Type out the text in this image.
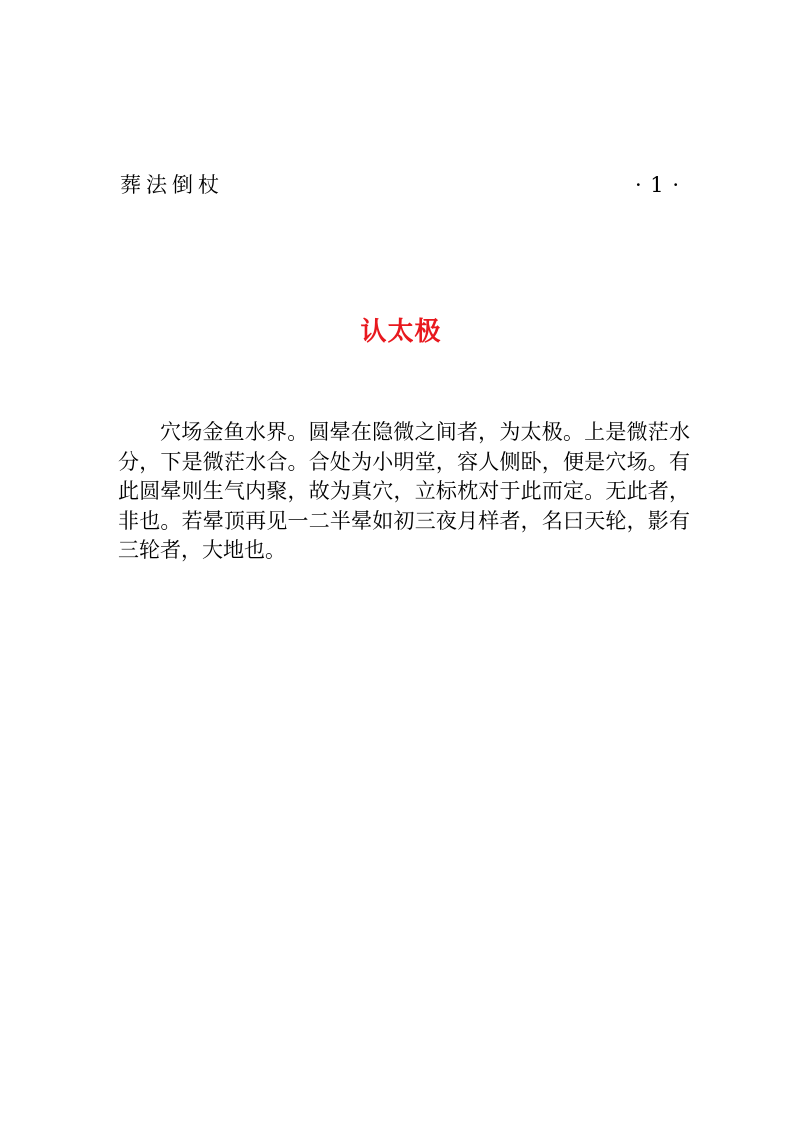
葬法倒杖	· 1 ·
认太极

穴场金鱼水界。圆晕在隐微之间者，为太极。上是微茫水分，下是微茫水合。合处为小明堂，容人侧卧，便是穴场。有此圆晕则生气内聚，故为真穴，立标枕对于此而定。无此者，非也。若晕顶再见一二半晕如初三夜月样者，名曰天轮，影有三轮者，大地也。
